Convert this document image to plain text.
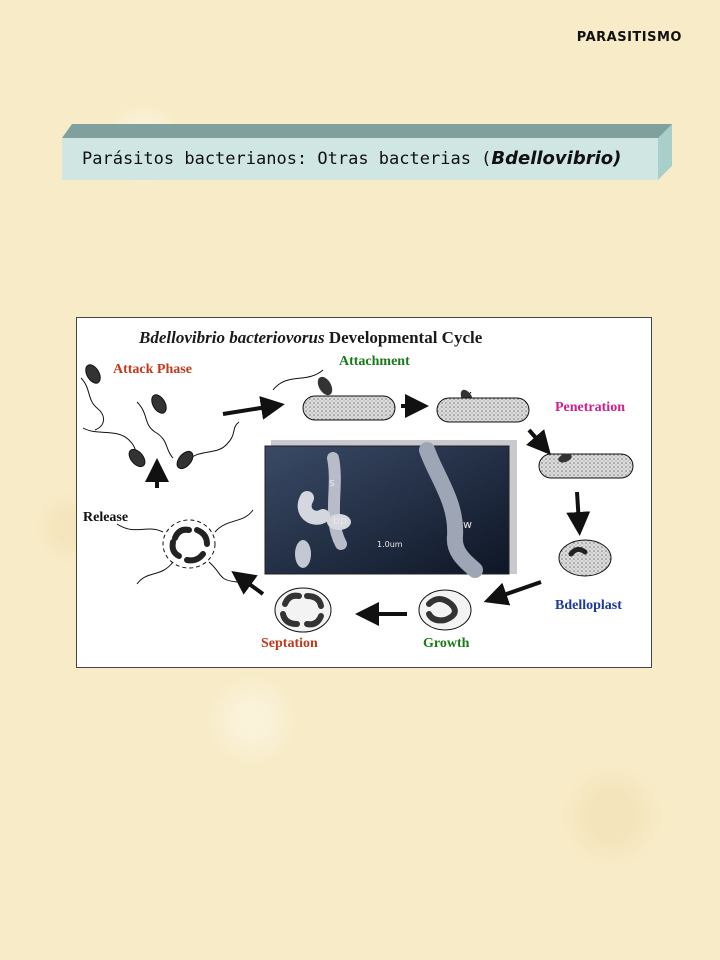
PARASITISMO
Parásitos bacterianos: Otras bacterias (Bdellovibrio)
Bdellovibrio bacteriovorus Developmental Cycle
Attack Phase
Attachment
Penetration
Bdelloplast
Growth
Septation
Release
s
bp	w
1.0um
